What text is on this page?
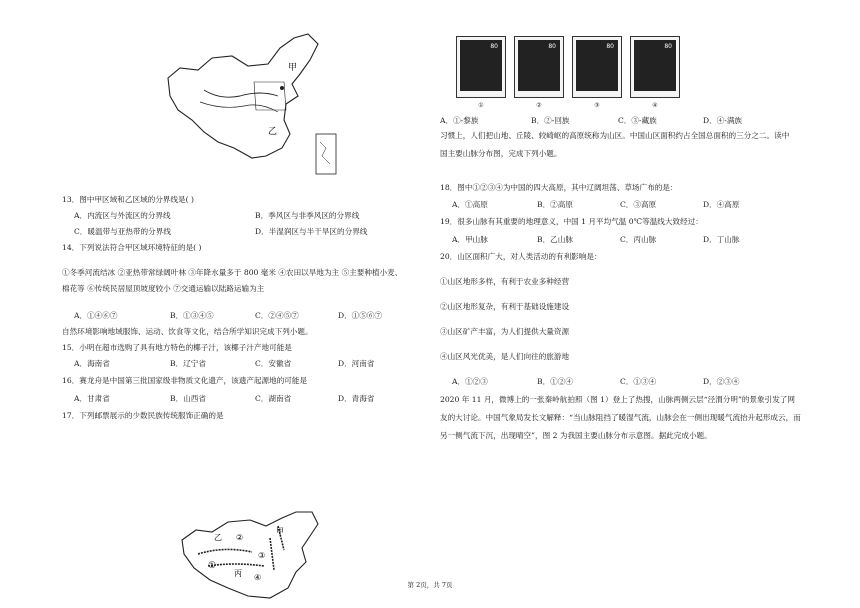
甲
乙
13．图中甲区域和乙区域的分界线是( )
A．内流区与外流区的分界线	B．季风区与非季风区的分界线
C．暖温带与亚热带的分界线	D．半湿润区与半干旱区的分界线
14．下列说法符合甲区域环境特征的是( )
①冬季河流结冰 ②亚热带常绿阔叶林 ③年降水量多于 800 毫米 ④农田以旱地为主 ⑤主要种植小麦、
棉花等 ⑥传统民居屋顶坡度较小 ⑦交通运输以陆路运输为主
A．①④⑥⑦	B．①③④⑤	C．②④⑤⑦	D．①⑤⑥⑦
自然环境影响地域服饰、运动、饮食等文化，结合所学知识完成下列小题。
15．小明在超市选购了具有地方特色的椰子汁，该椰子汁产地可能是
A．海南省	B．辽宁省	C．安徽省	D．河南省
16．赛龙舟是中国第三批国家级非物质文化遗产，该遗产起源地的可能是
A．甘肃省	B．山西省	C．湖南省	D．青海省
17．下列邮票展示的少数民族传统服饰正确的是
①
②
③
④
乙
甲
丙
80
①
80
②
80
③
80
④
A．①-黎族	B．②-回族	C．③-藏族	D．④-满族
习惯上，人们把山地、丘陵、较崎岖的高原统称为山区。中国山区面积约占全国总面积的三分之二。读中
国主要山脉分布图，完成下列小题。
18．图中①②③④为中国的四大高原，其中辽阔坦荡、草场广布的是：
A．①高原	B．②高原	C．③高原	D．④高原
19．很多山脉有其重要的地理意义，中国 1 月平均气温 0℃等温线大致经过：
A．甲山脉	B．乙山脉	C．丙山脉	D．丁山脉
20．山区面积广大，对人类活动的有利影响是：
①山区地形多样，有利于农业多种经营
②山区地形复杂，有利于基础设施建设
③山区矿产丰富，为人们提供大量资源
④山区风光优美，是人们向往的旅游地
A．①②③	B．①②④	C．①③④	D．②③④
2020 年 11 月，微博上的一张秦岭航拍照（图 1）登上了热搜，山脉两侧云层“泾渭分明”的景象引发了网
友的大讨论。中国气象局发长文解释：“当山脉阻挡了暖湿气流，山脉会在一侧出现暖气流抬升起形成云，而
另一侧气流下沉，出现晴空”，图 2 为我国主要山脉分布示意图。据此完成小题。
第 2页，共 7页
